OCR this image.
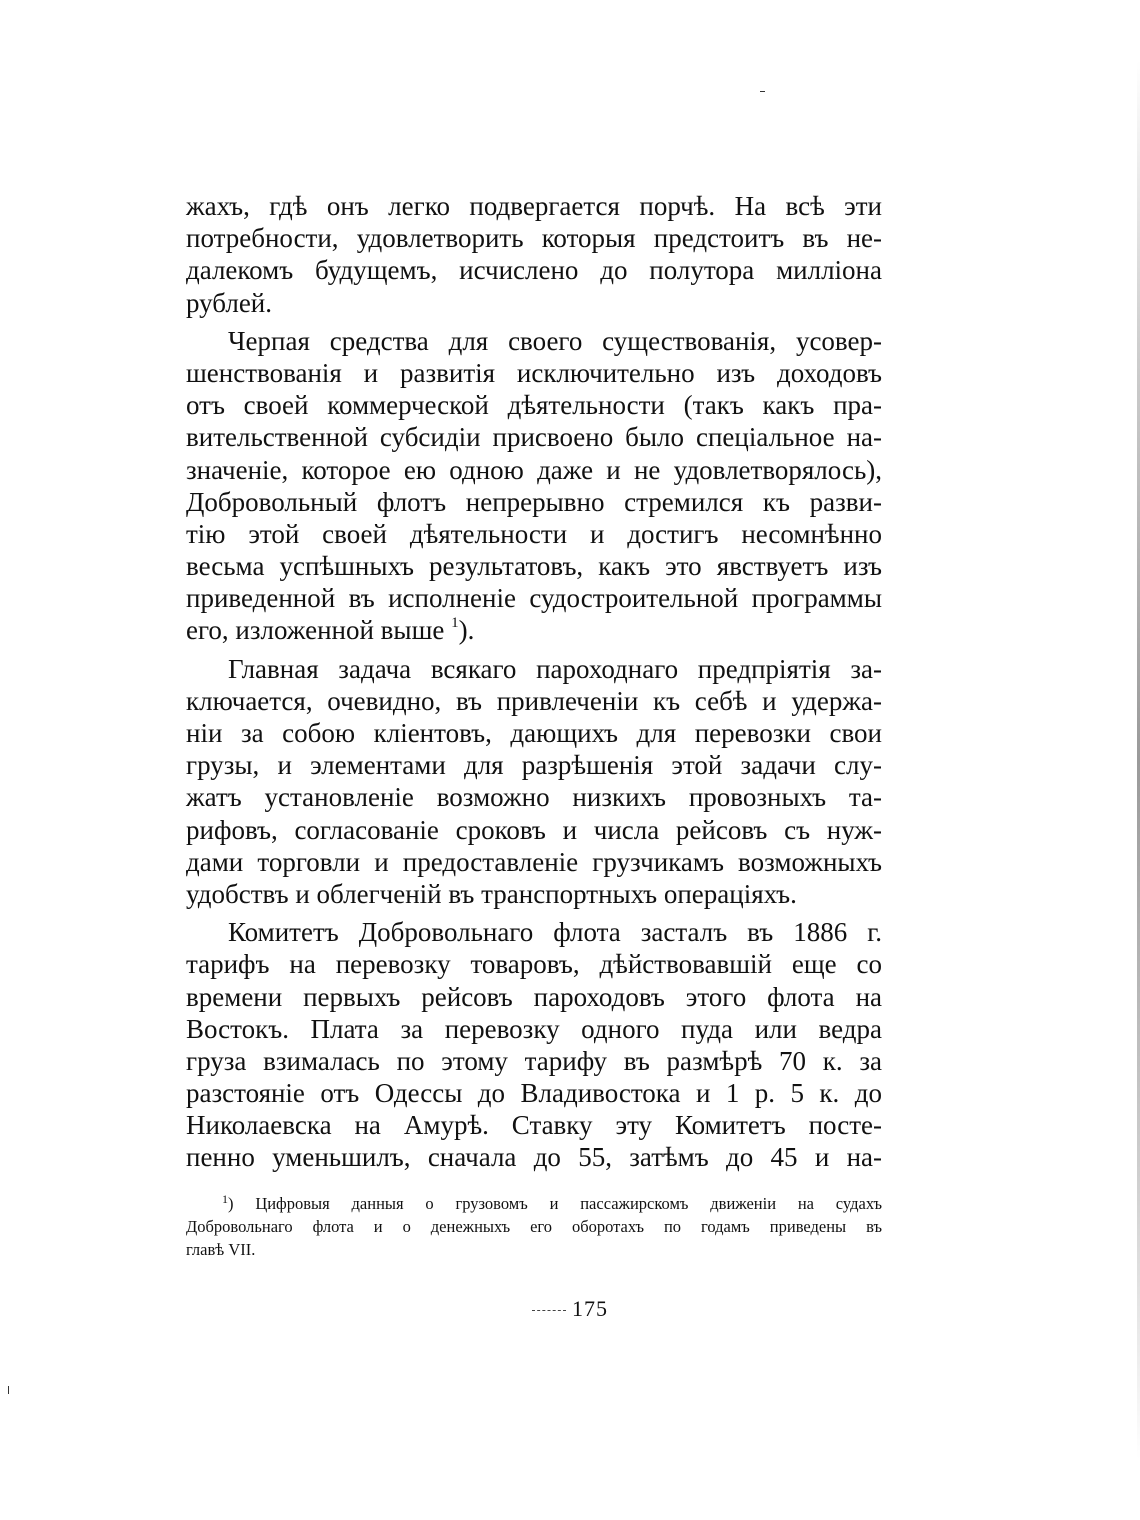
жахъ, гдѣ онъ легко подвергается порчѣ. На всѣ эти
потребности, удовлетворить которыя предстоитъ въ не-
далекомъ будущемъ, исчислено до полутора милліона
рублей.
Черпая средства для своего существованія, усовер-
шенствованія и развитія исключительно изъ доходовъ
отъ своей коммерческой дѣятельности (такъ какъ пра-
вительственной субсидіи присвоено было спеціальное на-
значеніе, которое ею одною даже и не удовлетворялось),
Добровольный флотъ непрерывно стремился къ разви-
тію этой своей дѣятельности и достигъ несомнѣнно
весьма успѣшныхъ результатовъ, какъ это явствуетъ изъ
приведенной въ исполненіе судостроительной программы
его, изложенной выше $^1$).
Главная задача всякаго пароходнаго предпріятія за-
ключается, очевидно, въ привлеченіи къ себѣ и удержа-
ніи за собою кліентовъ, дающихъ для перевозки свои
грузы, и элементами для разрѣшенія этой задачи слу-
жатъ установленіе возможно низкихъ провозныхъ та-
рифовъ, согласованіе сроковъ и числа рейсовъ съ нуж-
дами торговли и предоставленіе грузчикамъ возможныхъ
удобствъ и облегченій въ транспортныхъ операціяхъ.
Комитетъ Добровольнаго флота засталъ въ 1886 г.
тарифъ на перевозку товаровъ, дѣйствовавшій еще со
времени первыхъ рейсовъ пароходовъ этого флота на
Востокъ. Плата за перевозку одного пуда или ведра
груза взималась по этому тарифу въ размѣрѣ 70 к. за
разстояніе отъ Одессы до Владивостока и 1 р. 5 к. до
Николаевска на Амурѣ. Ставку эту Комитетъ посте-
пенно уменьшилъ, сначала до 55, затѣмъ до 45 и на-
$^1$) Цифровыя данныя о грузовомъ и пассажирскомъ движеніи на судахъ
Добровольнаго флота и о денежныхъ его оборотахъ по годамъ приведены въ
главѣ VII.
175
